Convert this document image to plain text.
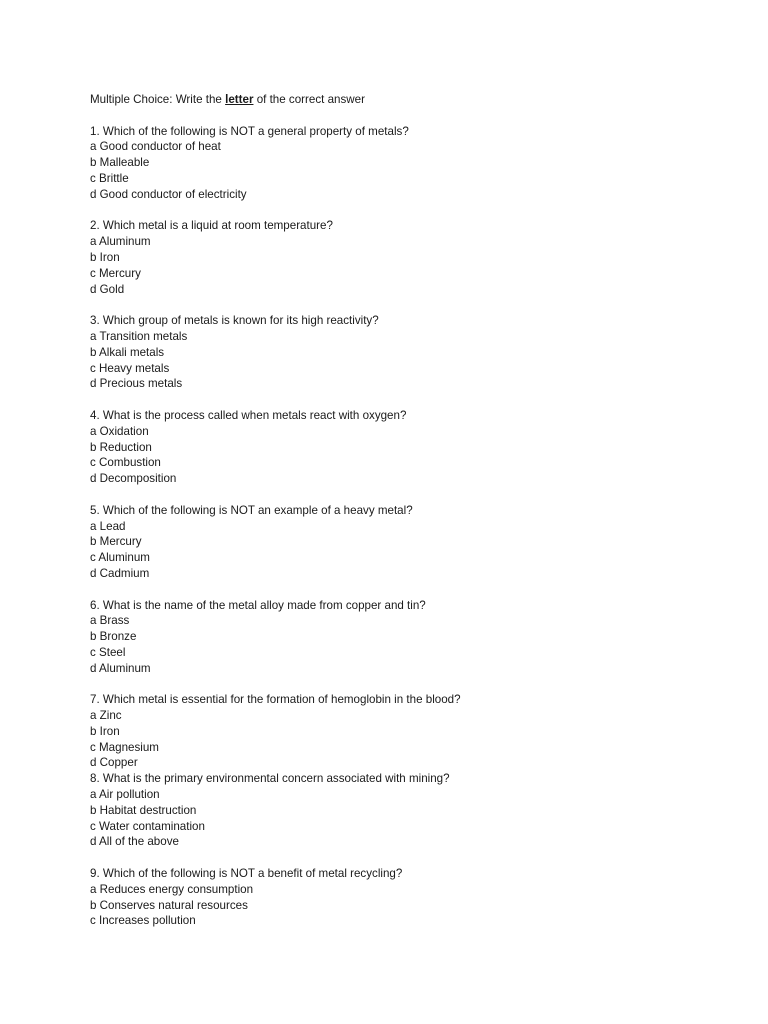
Multiple Choice: Write the letter of the correct answer
1. Which of the following is NOT a general property of metals?
a Good conductor of heat
b Malleable
c Brittle
d Good conductor of electricity
2. Which metal is a liquid at room temperature?
a Aluminum
b Iron
c Mercury
d Gold
3. Which group of metals is known for its high reactivity?
a Transition metals
b Alkali metals
c Heavy metals
d Precious metals
4. What is the process called when metals react with oxygen?
a Oxidation
b Reduction
c Combustion
d Decomposition
5. Which of the following is NOT an example of a heavy metal?
a Lead
b Mercury
c Aluminum
d Cadmium
6. What is the name of the metal alloy made from copper and tin?
a Brass
b Bronze
c Steel
d Aluminum
7. Which metal is essential for the formation of hemoglobin in the blood?
a Zinc
b Iron
c Magnesium
d Copper
8. What is the primary environmental concern associated with mining?
a Air pollution
b Habitat destruction
c Water contamination
d All of the above
9. Which of the following is NOT a benefit of metal recycling?
a Reduces energy consumption
b Conserves natural resources
c Increases pollution
